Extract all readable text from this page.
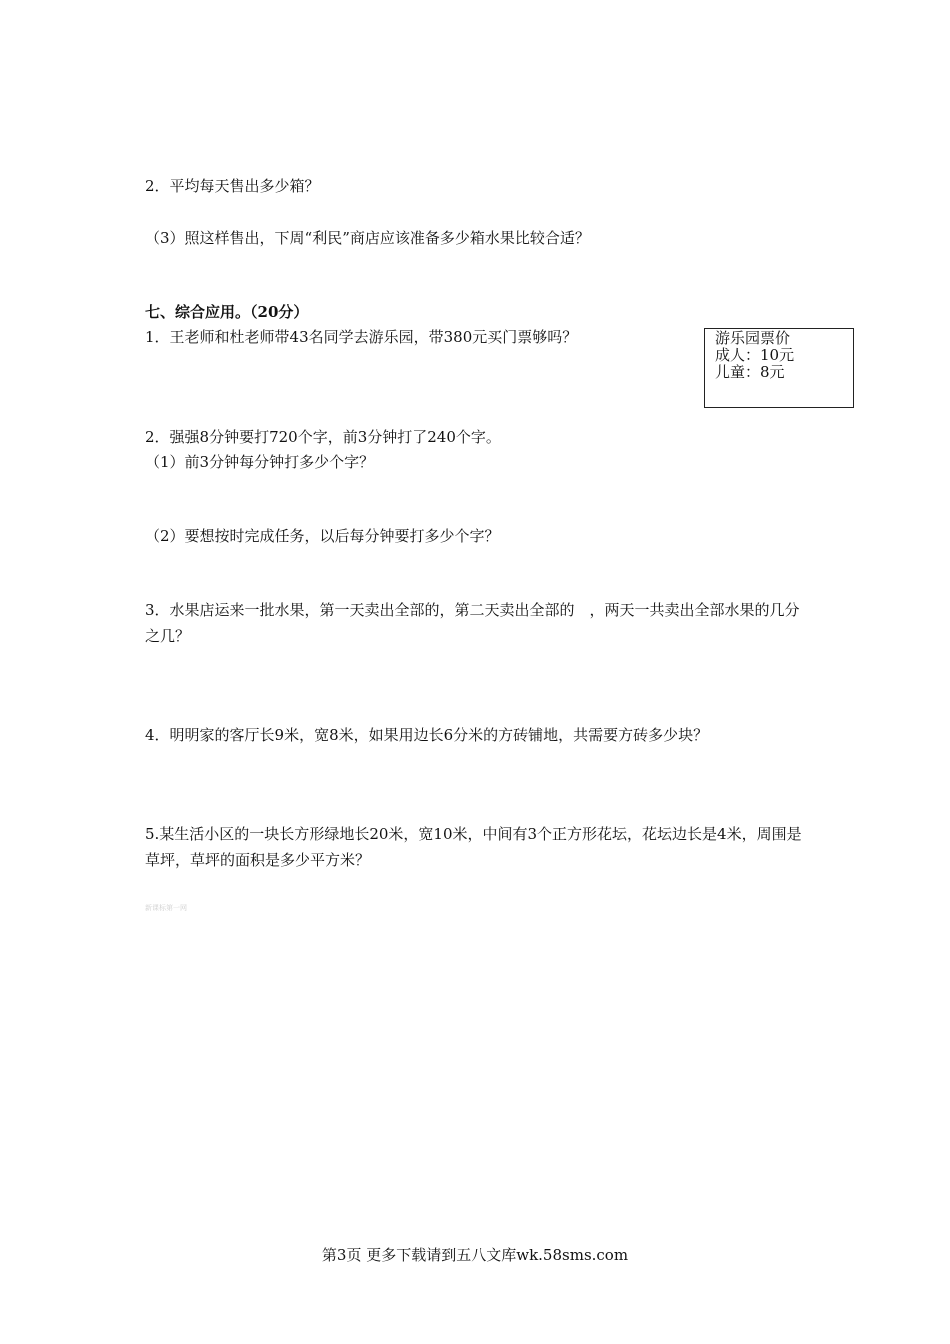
2．平均每天售出多少箱？
（3）照这样售出，下周“利民”商店应该准备多少箱水果比较合适？
七、综合应用。（20分）
1．王老师和杜老师带43名同学去游乐园，带380元买门票够吗？	游乐园票价
成人：10元
儿童：8元
2．强强8分钟要打720个字，前3分钟打了240个字。
（1）前3分钟每分钟打多少个字？
（2）要想按时完成任务，以后每分钟要打多少个字？
3．水果店运来一批水果，第一天卖出全部的，第二天卖出全部的　，两天一共卖出全部水果的几分之几？
4．明明家的客厅长9米，宽8米，如果用边长6分米的方砖铺地，共需要方砖多少块？
5.某生活小区的一块长方形绿地长20米，宽10米，中间有3个正方形花坛，花坛边长是4米，周围是草坪，草坪的面积是多少平方米？
新课标第一网
第3页 更多下载请到五八文库wk.58sms.com
